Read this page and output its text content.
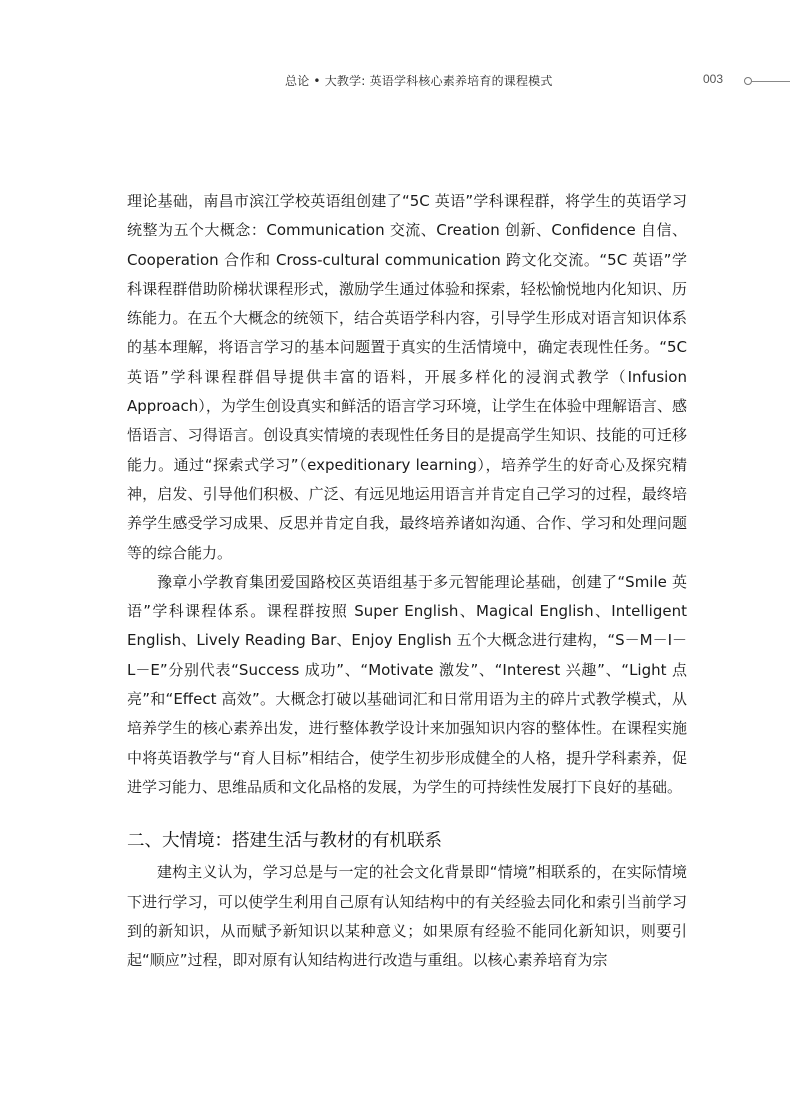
总论 • 大教学: 英语学科核心素养培育的课程模式	003

理论基础，南昌市滨江学校英语组创建了“5C 英语”学科课程群，将学生的英语学习统整为五个大概念：Communication 交流、Creation 创新、Confidence 自信、Cooperation 合作和 Cross-cultural communication 跨文化交流。“5C 英语”学科课程群借助阶梯状课程形式，激励学生通过体验和探索，轻松愉悦地内化知识、历练能力。在五个大概念的统领下，结合英语学科内容，引导学生形成对语言知识体系的基本理解，将语言学习的基本问题置于真实的生活情境中，确定表现性任务。“5C 英语”学科课程群倡导提供丰富的语料，开展多样化的浸润式教学（Infusion Approach），为学生创设真实和鲜活的语言学习环境，让学生在体验中理解语言、感悟语言、习得语言。创设真实情境的表现性任务目的是提高学生知识、技能的可迁移能力。通过“探索式学习”（expeditionary learning），培养学生的好奇心及探究精神，启发、引导他们积极、广泛、有远见地运用语言并肯定自己学习的过程，最终培养学生感受学习成果、反思并肯定自我，最终培养诸如沟通、合作、学习和处理问题等的综合能力。

豫章小学教育集团爱国路校区英语组基于多元智能理论基础，创建了“Smile 英语”学科课程体系。课程群按照 Super English、Magical English、Intelligent English、Lively Reading Bar、Enjoy English 五个大概念进行建构，“S－M－I－L－E”分别代表“Success 成功”、“Motivate 激发”、“Interest 兴趣”、“Light 点亮”和“Effect 高效”。大概念打破以基础词汇和日常用语为主的碎片式教学模式，从培养学生的核心素养出发，进行整体教学设计来加强知识内容的整体性。在课程实施中将英语教学与“育人目标”相结合，使学生初步形成健全的人格，提升学科素养，促进学习能力、思维品质和文化品格的发展，为学生的可持续性发展打下良好的基础。

二、大情境：搭建生活与教材的有机联系

建构主义认为，学习总是与一定的社会文化背景即“情境”相联系的，在实际情境下进行学习，可以使学生利用自己原有认知结构中的有关经验去同化和索引当前学习到的新知识，从而赋予新知识以某种意义；如果原有经验不能同化新知识，则要引起“顺应”过程，即对原有认知结构进行改造与重组。以核心素养培育为宗
